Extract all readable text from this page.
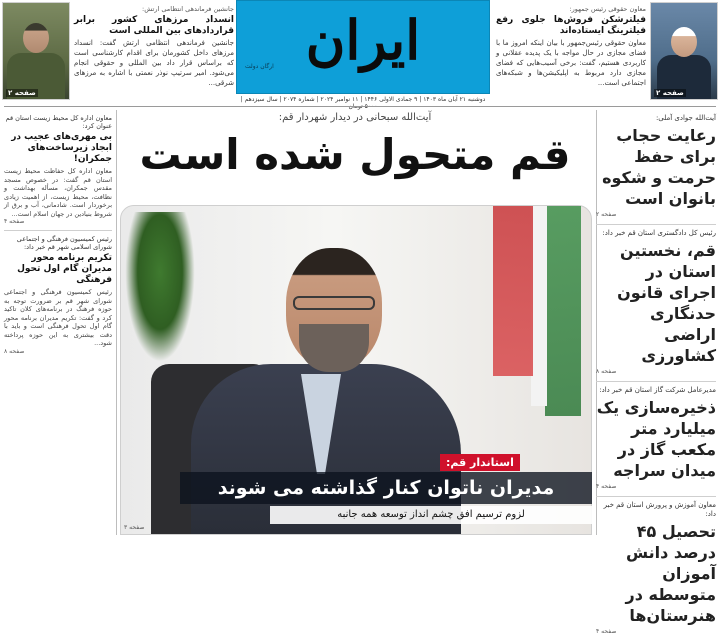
صفحه ۲
معاون حقوقی رئیس جمهور:
فیلترشکن فروش‌ها جلوی رفع فیلترینگ ایستاده‌اند
معاون حقوقی رئیس‌جمهور با بیان اینکه امروز ما با فضای مجازی در حال مواجه با یک پدیده عقلانی و کاربردی هستیم، گفت: برخی آسیب‌هایی که فضای مجازی دارد مربوط به اپلیکیشن‌ها و شبکه‌های اجتماعی است...
ایران
ارگان دولت
دوشنبه ۲۱ آبان ماه ۱۴۰۳ | ۹ جمادی الاولی ۱۴۴۶ | ۱۱ نوامبر ۲۰۲۴ | شماره ۲۰۷۴ | سال سیزدهم |
جانشین فرماندهی انتظامی ارتش:
انسداد مرزهای کشور برابر قراردادهای بین المللی است
جانشین فرماندهی انتظامی ارتش گفت: انسداد مرزهای داخل کشورمان برای اقدام کارشناسی است که براساس قرار داد بین المللی و حقوقی انجام می‌شود. امیر سرتیپ نوذر نعمتی با اشاره به مرزهای شرقی...
صفحه ۲
آیت‌الله سبحانی در دیدار شهردار قم:
قم متحول شده است
استاندار قم:
مدیران ناتوان کنار گذاشته می شوند
لزوم ترسیم افق چشم انداز توسعه همه جانبه
صفحه ۳
آیت‌الله جوادی آملی:
رعایت حجاب برای حفظ حرمت و شکوه بانوان است
صفحه ۲
رئیس کل دادگستری استان قم خبر داد:
قم، نخستین استان در اجرای قانون حدنگاری اراضی کشاورزی
صفحه ۸
مدیرعامل شرکت گاز استان قم خبر داد:
ذخیره‌سازی یک میلیارد متر مکعب گاز در میدان سراجه
صفحه ۴
معاون آموزش و پرورش استان قم خبر داد:
تحصیل ۴۵ درصد دانش آموزان متوسطه در هنرستان‌ها
صفحه ۴
معاون اداره کل محیط زیست استان قم عنوان کرد:
بی مهری‌های عجیب در ابجاد زیرساخت‌های جمکران!
معاون اداره کل حفاظت محیط زیست استان قم گفت: در خصوص مسجد مقدس جمکران، مسأله بهداشت و نظافت، محیط زیست، از اهمیت زیادی برخوردار است. شادمانی، آب و برق از شروط بنیادین در جهان اسلام است...
صفحه ۴
رئیس کمیسیون فرهنگی و اجتماعی شورای اسلامی شهر قم خبر داد:
تکریم برنامه محور مدیران گام اول تحول فرهنگی
رئیس کمیسیون فرهنگی و اجتماعی شورای شهر قم بر ضرورت توجه به حوزه فرهنگ در برنامه‌های کلان تاکید کرد و گفت: تکریم مدیران برنامه محور گام اول تحول فرهنگی است و باید با دقت بیشتری به این حوزه پرداخته شود...
صفحه ۸
